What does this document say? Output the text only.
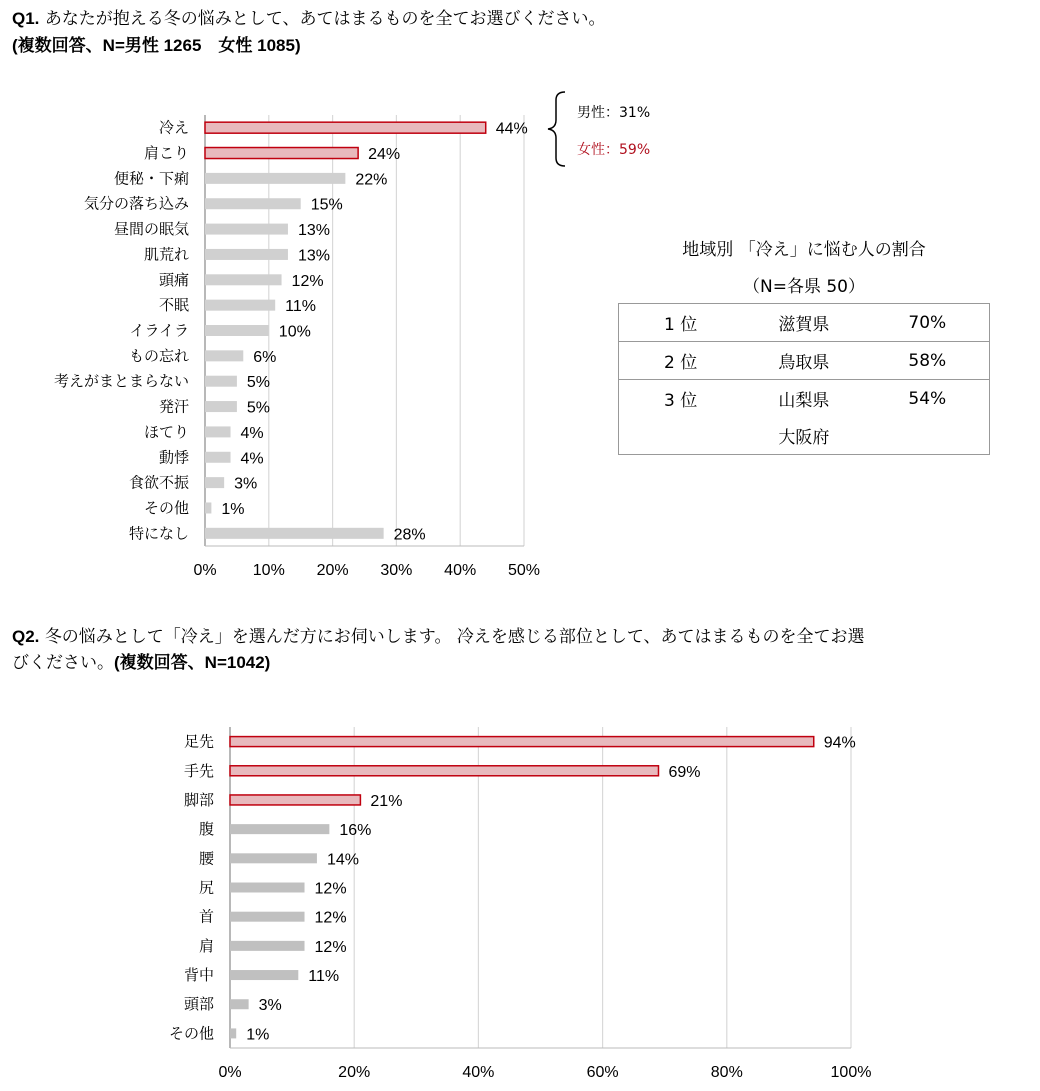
Q1. あなたが抱える冬の悩みとして、あてはまるものを全てお選びください。
(複数回答、N=男性 1265　女性 1085)
Q2. 冬の悩みとして「冷え」を選んだ方にお伺いします。 冷えを感じる部位として、あてはまるものを全てお選
びください。(複数回答、N=1042)
地域別 「冷え」に悩む人の割合
（N=各県 50）
1 位	滋賀県	70%
2 位	鳥取県	58%
3 位	山梨県	54%
	大阪府	
男性：31%
女性：59%
0% 10% 20% 30% 40% 50%
冷え	44%
肩こり	24%
便秘・下痢	22%
気分の落ち込み	15%
昼間の眠気	13%
肌荒れ	13%
頭痛	12%
不眠	11%
イライラ	10%
もの忘れ	6%
考えがまとまらない	5%
発汗	5%
ほてり	4%
動悸	4%
食欲不振	3%
その他 1%
特になし	28%
0%	20%	40%	60%	80%	100%
足先	94%
手先	69%
脚部	21%
腹	16%
腰	14%
尻	12%
首	12%
肩	12%
背中	11%
頭部	3%
その他 1%
